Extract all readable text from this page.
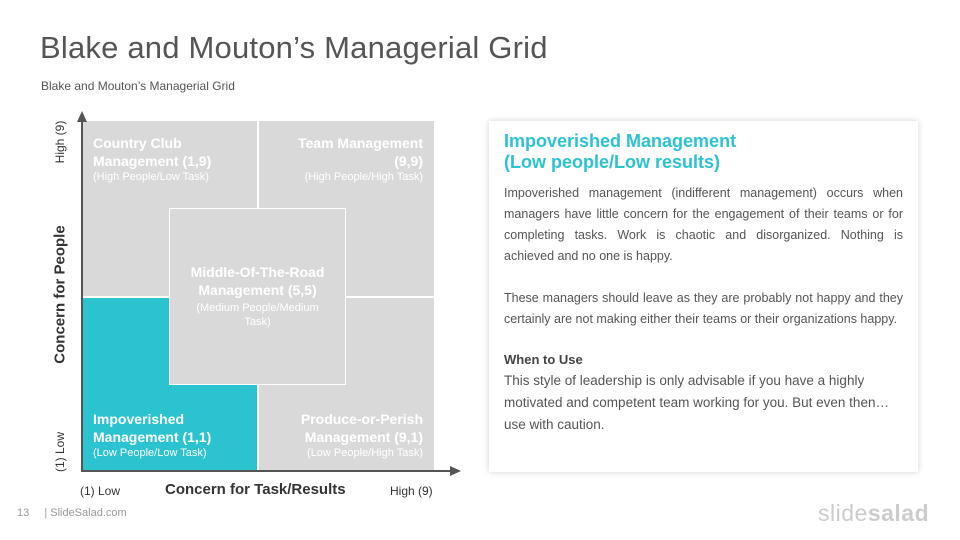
Blake and Mouton’s Managerial Grid
Blake and Mouton’s Managerial Grid
Country Club Management (1,9)
(High People/Low Task)
Team Management (9,9)
(High People/High Task)
Impoverished Management (1,1)
(Low People/Low Task)
Produce-or-Perish Management (9,1)
(Low People/High Task)
Middle-Of-The-Road Management (5,5)
(Medium People/Medium Task)
(1) Low	Concern for Task/Results	High (9)
High (9)
Concern for People
(1) Low
Impoverished Management
(Low people/Low results)
Impoverished management (indifferent management) occurs when managers have little concern for the engagement of their teams or for completing tasks. Work is chaotic and disorganized. Nothing is achieved and no one is happy.
These managers should leave as they are probably not happy and they certainly are not making either their teams or their organizations happy.
When to Use
This style of leadership is only advisable if you have a highly motivated and competent team working for you. But even then… use with caution.
13 | SlideSalad.com	slidesalad
